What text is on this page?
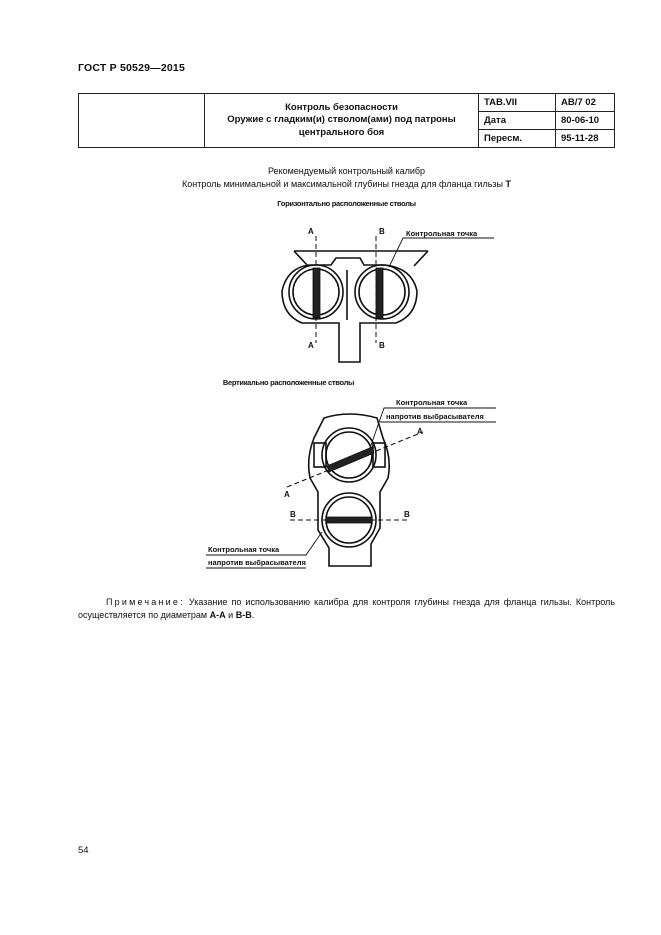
ГОСТ Р 50529—2015

	Контроль безопасности
Оружие с гладким(и) стволом(ами) под патроны
центрального боя	TAB.VII	AB/7 02
		Дата	80-06-10
		Пересм.	95-11-28
Рекомендуемый контрольный калибр
Контроль минимальной и максимальной глубины гнезда для фланца гильзы T
Горизонтально расположенные стволы
A	B
A	B
Контрольная точка
A
A
B	B
Контрольная точка
напротив выбрасывателя
Контрольная точка
напротив выбрасывателя
Вертикально расположенные стволы
Примечание: Указание по использованию калибра для контроля глубины гнезда для фланца гильзы. Контроль осуществляется по диаметрам А-А и В-В.
54
